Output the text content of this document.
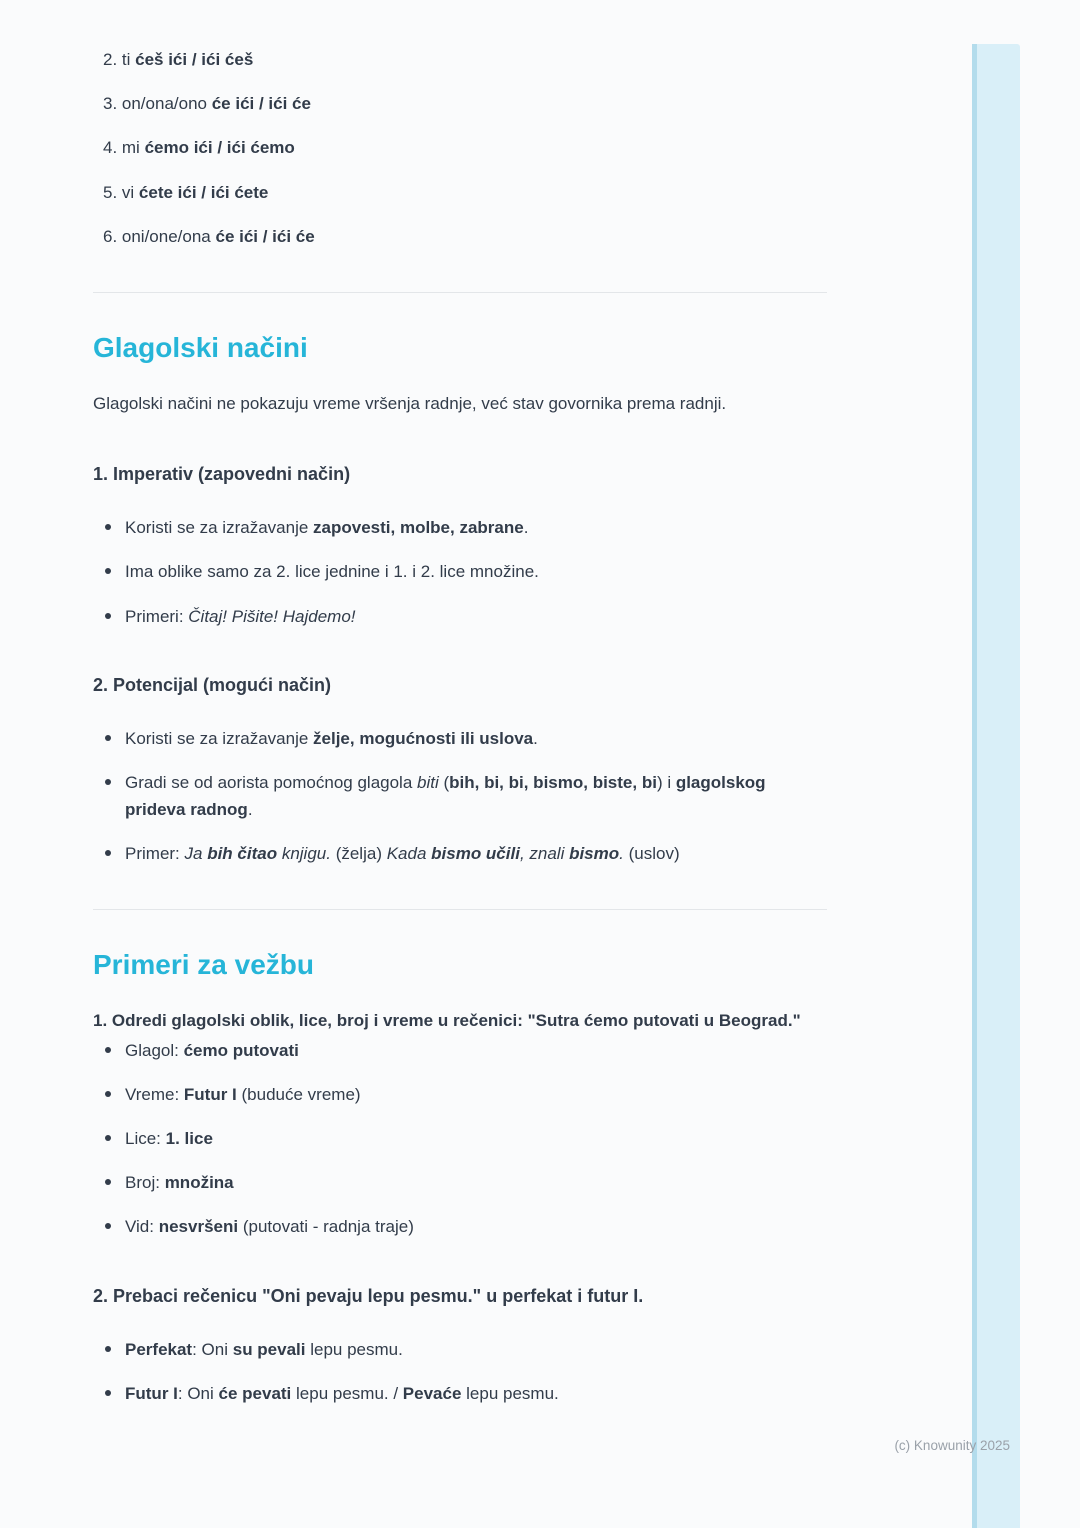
2. ti ćeš ići / ići ćeš

3. on/ona/ono će ići / ići će

4. mi ćemo ići / ići ćemo

5. vi ćete ići / ići ćete

6. oni/one/ona će ići / ići će

Glagolski načini

Glagolski načini ne pokazuju vreme vršenja radnje, već stav govornika prema radnji.

1. Imperativ (zapovedni način)

Koristi se za izražavanje zapovesti, molbe, zabrane.
Ima oblike samo za 2. lice jednine i 1. i 2. lice množine.
Primeri: Čitaj! Pišite! Hajdemo!

2. Potencijal (mogući način)

Koristi se za izražavanje želje, mogućnosti ili uslova.
Gradi se od aorista pomoćnog glagola biti (bih, bi, bi, bismo, biste, bi) i glagolskog prideva radnog.
Primer: Ja bih čitao knjigu. (želja) Kada bismo učili, znali bismo. (uslov)
Primeri za vežbu

1. Odredi glagolski oblik, lice, broj i vreme u rečenici: "Sutra ćemo putovati u Beograd."

Glagol: ćemo putovati
Vreme: Futur I (buduće vreme)
Lice: 1. lice
Broj: množina
Vid: nesvršeni (putovati - radnja traje)

2. Prebaci rečenicu "Oni pevaju lepu pesmu." u perfekat i futur I.

Perfekat: Oni su pevali lepu pesmu.
Futur I: Oni će pevati lepu pesmu. / Pevaće lepu pesmu.
(c) Knowunity 2025
